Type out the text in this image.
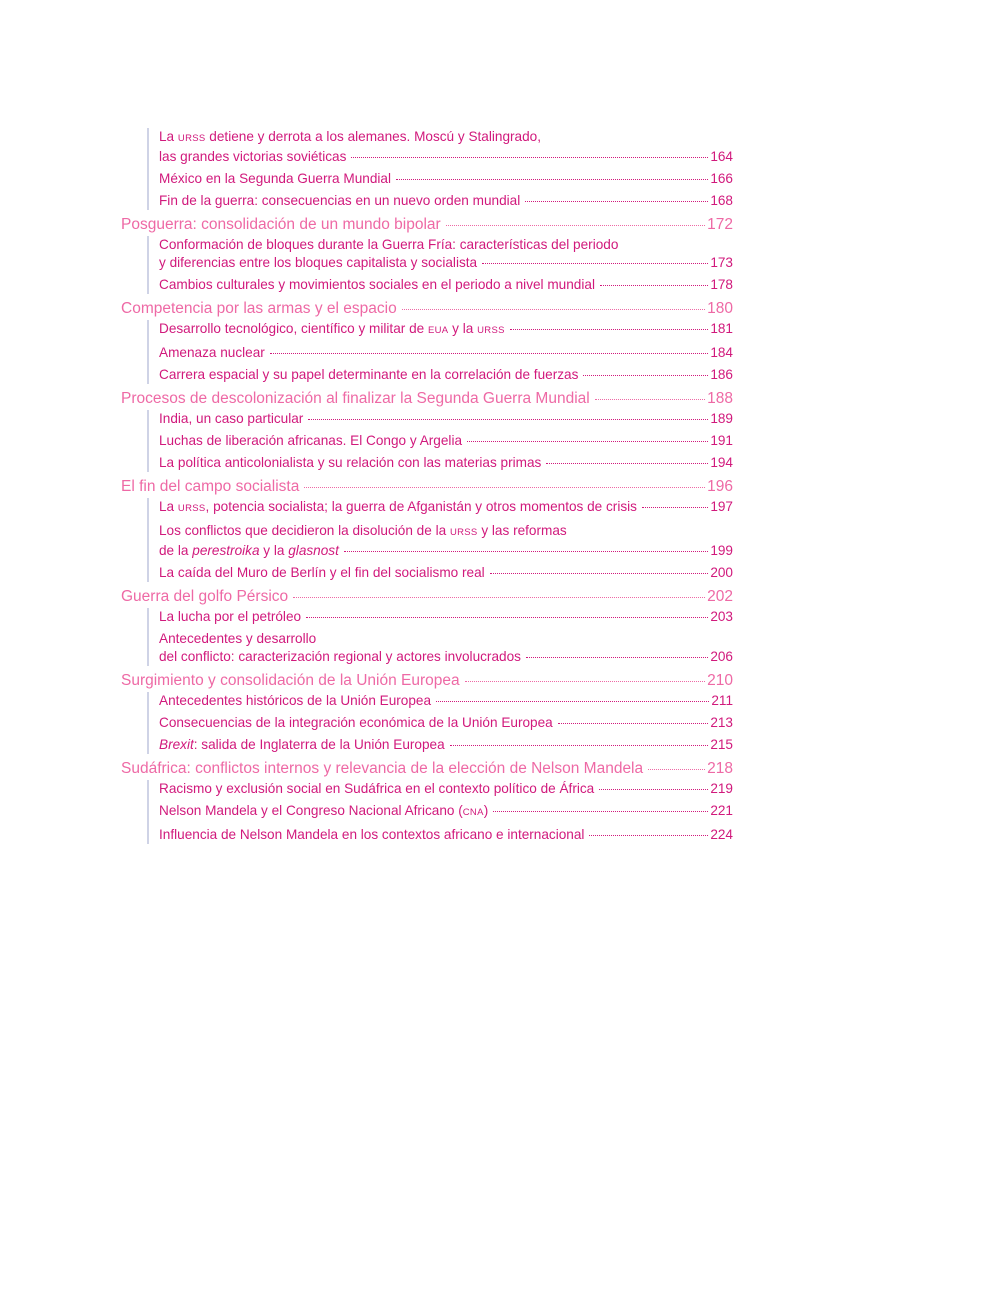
La URSS detiene y derrota a los alemanes. Moscú y Stalingrado,
las grandes victorias soviéticas	164
México en la Segunda Guerra Mundial	166
Fin de la guerra: consecuencias en un nuevo orden mundial	168
Posguerra: consolidación de un mundo bipolar	172
Conformación de bloques durante la Guerra Fría: características del periodo
y diferencias entre los bloques capitalista y socialista	173
Cambios culturales y movimientos sociales en el periodo a nivel mundial	178
Competencia por las armas y el espacio	180
Desarrollo tecnológico, científico y militar de EUA y la URSS	181
Amenaza nuclear	184
Carrera espacial y su papel determinante en la correlación de fuerzas	186
Procesos de descolonización al finalizar la Segunda Guerra Mundial	188
India, un caso particular	189
Luchas de liberación africanas. El Congo y Argelia	191
La política anticolonialista y su relación con las materias primas	194
El fin del campo socialista	196
La URSS, potencia socialista; la guerra de Afganistán y otros momentos de crisis	197
Los conflictos que decidieron la disolución de la URSS y las reformas
de la perestroika y la glasnost	199
La caída del Muro de Berlín y el fin del socialismo real	200
Guerra del golfo Pérsico	202
La lucha por el petróleo	203
Antecedentes y desarrollo
del conflicto: caracterización regional y actores involucrados	206
Surgimiento y consolidación de la Unión Europea	210
Antecedentes históricos de la Unión Europea	211
Consecuencias de la integración económica de la Unión Europea	213
Brexit: salida de Inglaterra de la Unión Europea	215
Sudáfrica: conflictos internos y relevancia de la elección de Nelson Mandela	218
Racismo y exclusión social en Sudáfrica en el contexto político de África	219
Nelson Mandela y el Congreso Nacional Africano (CNA)	221
Influencia de Nelson Mandela en los contextos africano e internacional	224
